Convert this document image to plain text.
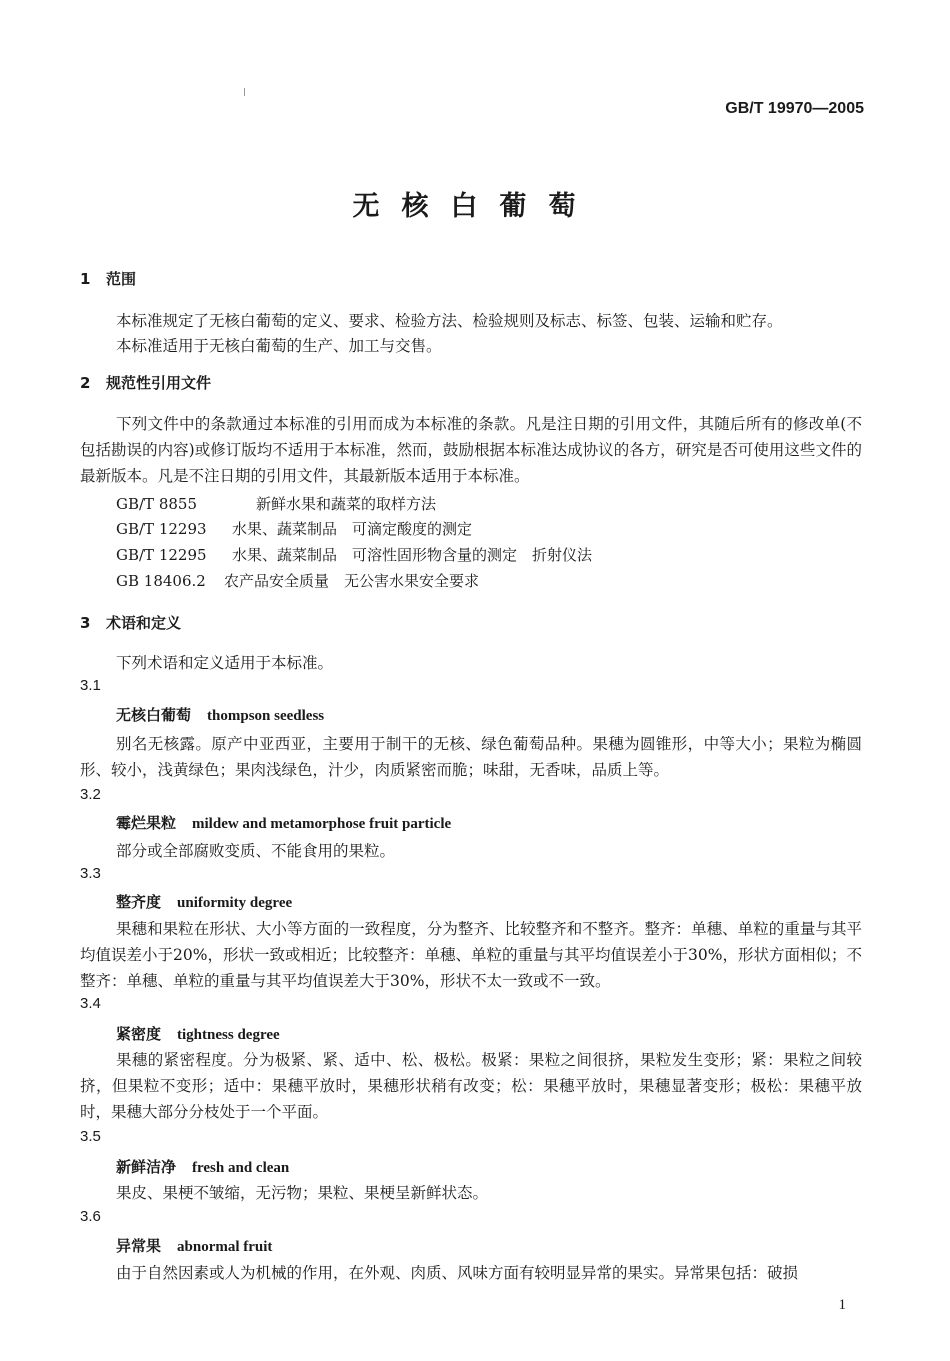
GB/T 19970—2005
无核白葡萄
1 范围
本标准规定了无核白葡萄的定义、要求、检验方法、检验规则及标志、标签、包装、运输和贮存。
本标准适用于无核白葡萄的生产、加工与交售。
2 规范性引用文件
下列文件中的条款通过本标准的引用而成为本标准的条款。凡是注日期的引用文件，其随后所有的修改单(不包括勘误的内容)或修订版均不适用于本标准，然而，鼓励根据本标准达成协议的各方，研究是否可使用这些文件的最新版本。凡是不注日期的引用文件，其最新版本适用于本标准。
GB/T 8855	新鲜水果和蔬菜的取样方法
GB/T 12293 水果、蔬菜制品　可滴定酸度的测定
GB/T 12295 水果、蔬菜制品　可溶性固形物含量的测定　折射仪法
GB 18406.2 农产品安全质量　无公害水果安全要求
3 术语和定义
下列术语和定义适用于本标准。
3.1
无核白葡萄 thompson seedless
别名无核露。原产中亚西亚，主要用于制干的无核、绿色葡萄品种。果穗为圆锥形，中等大小；果粒为椭圆形、较小，浅黄绿色；果肉浅绿色，汁少，肉质紧密而脆；味甜，无香味，品质上等。
3.2
霉烂果粒 mildew and metamorphose fruit particle
部分或全部腐败变质、不能食用的果粒。
3.3
整齐度 uniformity degree
果穗和果粒在形状、大小等方面的一致程度，分为整齐、比较整齐和不整齐。整齐：单穗、单粒的重量与其平均值误差小于20%，形状一致或相近；比较整齐：单穗、单粒的重量与其平均值误差小于30%，形状方面相似；不整齐：单穗、单粒的重量与其平均值误差大于30%，形状不太一致或不一致。
3.4
紧密度 tightness degree
果穗的紧密程度。分为极紧、紧、适中、松、极松。极紧：果粒之间很挤，果粒发生变形；紧：果粒之间较挤，但果粒不变形；适中：果穗平放时，果穗形状稍有改变；松：果穗平放时，果穗显著变形；极松：果穗平放时，果穗大部分分枝处于一个平面。
3.5
新鲜洁净 fresh and clean
果皮、果梗不皱缩，无污物；果粒、果梗呈新鲜状态。
3.6
异常果 abnormal fruit
由于自然因素或人为机械的作用，在外观、肉质、风味方面有较明显异常的果实。异常果包括：破损
1
